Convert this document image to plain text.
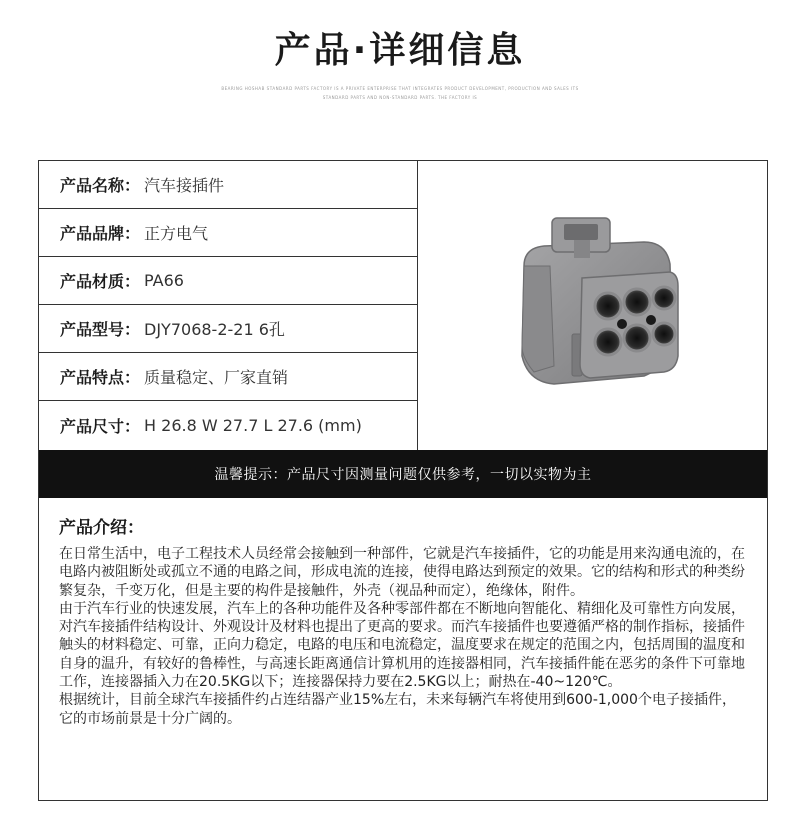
产品·详细信息
BEARING HOSHAB STANDARD PARTS FACTORY IS A PRIVATE ENTERPRISE THAT INTEGRATES PRODUCT DEVELOPMENT, PRODUCTION AND SALES ITS
STANDARD PARTS AND NON-STANDARD PARTS. THE FACTORY IS
产品名称： 汽车接插件
产品品牌： 正方电气
产品材质： PA66
产品型号： DJY7068-2-21 6孔
产品特点： 质量稳定、厂家直销
产品尺寸： H 26.8 W 27.7 L 27.6 (mm)
温馨提示：产品尺寸因测量问题仅供参考，一切以实物为主
产品介绍：

在日常生活中，电子工程技术人员经常会接触到一种部件，它就是汽车接插件，它的功能是用来沟通电流的，在电路内被阻断处或孤立不通的电路之间，形成电流的连接，使得电路达到预定的效果。它的结构和形式的种类纷繁复杂，千变万化，但是主要的构件是接触件，外壳（视品种而定），绝缘体，附件。

由于汽车行业的快速发展，汽车上的各种功能件及各种零部件都在不断地向智能化、精细化及可靠性方向发展，对汽车接插件结构设计、外观设计及材料也提出了更高的要求。而汽车接插件也要遵循严格的制作指标，接插件触头的材料稳定、可靠，正向力稳定，电路的电压和电流稳定，温度要求在规定的范围之内，包括周围的温度和自身的温升，有较好的鲁棒性，与高速长距离通信计算机用的连接器相同，汽车接插件能在恶劣的条件下可靠地工作，连接器插入力在20.5KG以下；连接器保持力要在2.5KG以上；耐热在-40~120℃。

根据统计，目前全球汽车接插件约占连结器产业15%左右，未来每辆汽车将使用到600-1,000个电子接插件，它的市场前景是十分广阔的。
